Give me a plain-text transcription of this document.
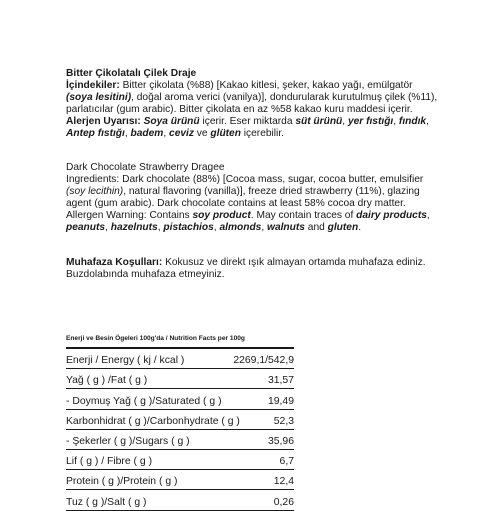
Bitter Çikolatalı Çilek Draje

İçindekiler: Bitter çikolata (%88) [Kakao kitlesi, şeker, kakao yağı, emülgatör (soya lesitini), doğal aroma verici (vanilya)], dondurularak kurutulmuş çilek (%11), parlatıcılar (gum arabic). Bitter çikolata en az %58 kakao kuru maddesi içerir.

Alerjen Uyarısı: Soya ürünü içerir. Eser miktarda süt ürünü, yer fıstığı, fındık, Antep fıstığı, badem, ceviz ve glüten içerebilir.

Dark Chocolate Strawberry Dragee

Ingredients: Dark chocolate (88%) [Cocoa mass, sugar, cocoa butter, emulsifier (soy lecithin), natural flavoring (vanilla)], freeze dried strawberry (11%), glazing agent (gum arabic). Dark chocolate contains at least 58% cocoa dry matter.

Allergen Warning: Contains soy product. May contain traces of dairy products, peanuts, hazelnuts, pistachios, almonds, walnuts and gluten.

Muhafaza Koşulları: Kokusuz ve direkt ışık almayan ortamda muhafaza ediniz. Buzdolabında muhafaza etmeyiniz.

Enerji ve Besin Ögeleri 100g'da / Nutrition Facts per 100g
Enerji / Energy ( kj / kcal )	2269,1/542,9
Yağ ( g ) /Fat ( g )	31,57
- Doymuş Yağ ( g )/Saturated ( g )	19,49
Karbonhidrat ( g )/Carbonhydrate ( g )	52,3
- Şekerler ( g )/Sugars ( g )	35,96
Lif ( g ) / Fibre ( g )	6,7
Protein ( g )/Protein ( g )	12,4
Tuz ( g )/Salt ( g )	0,26
